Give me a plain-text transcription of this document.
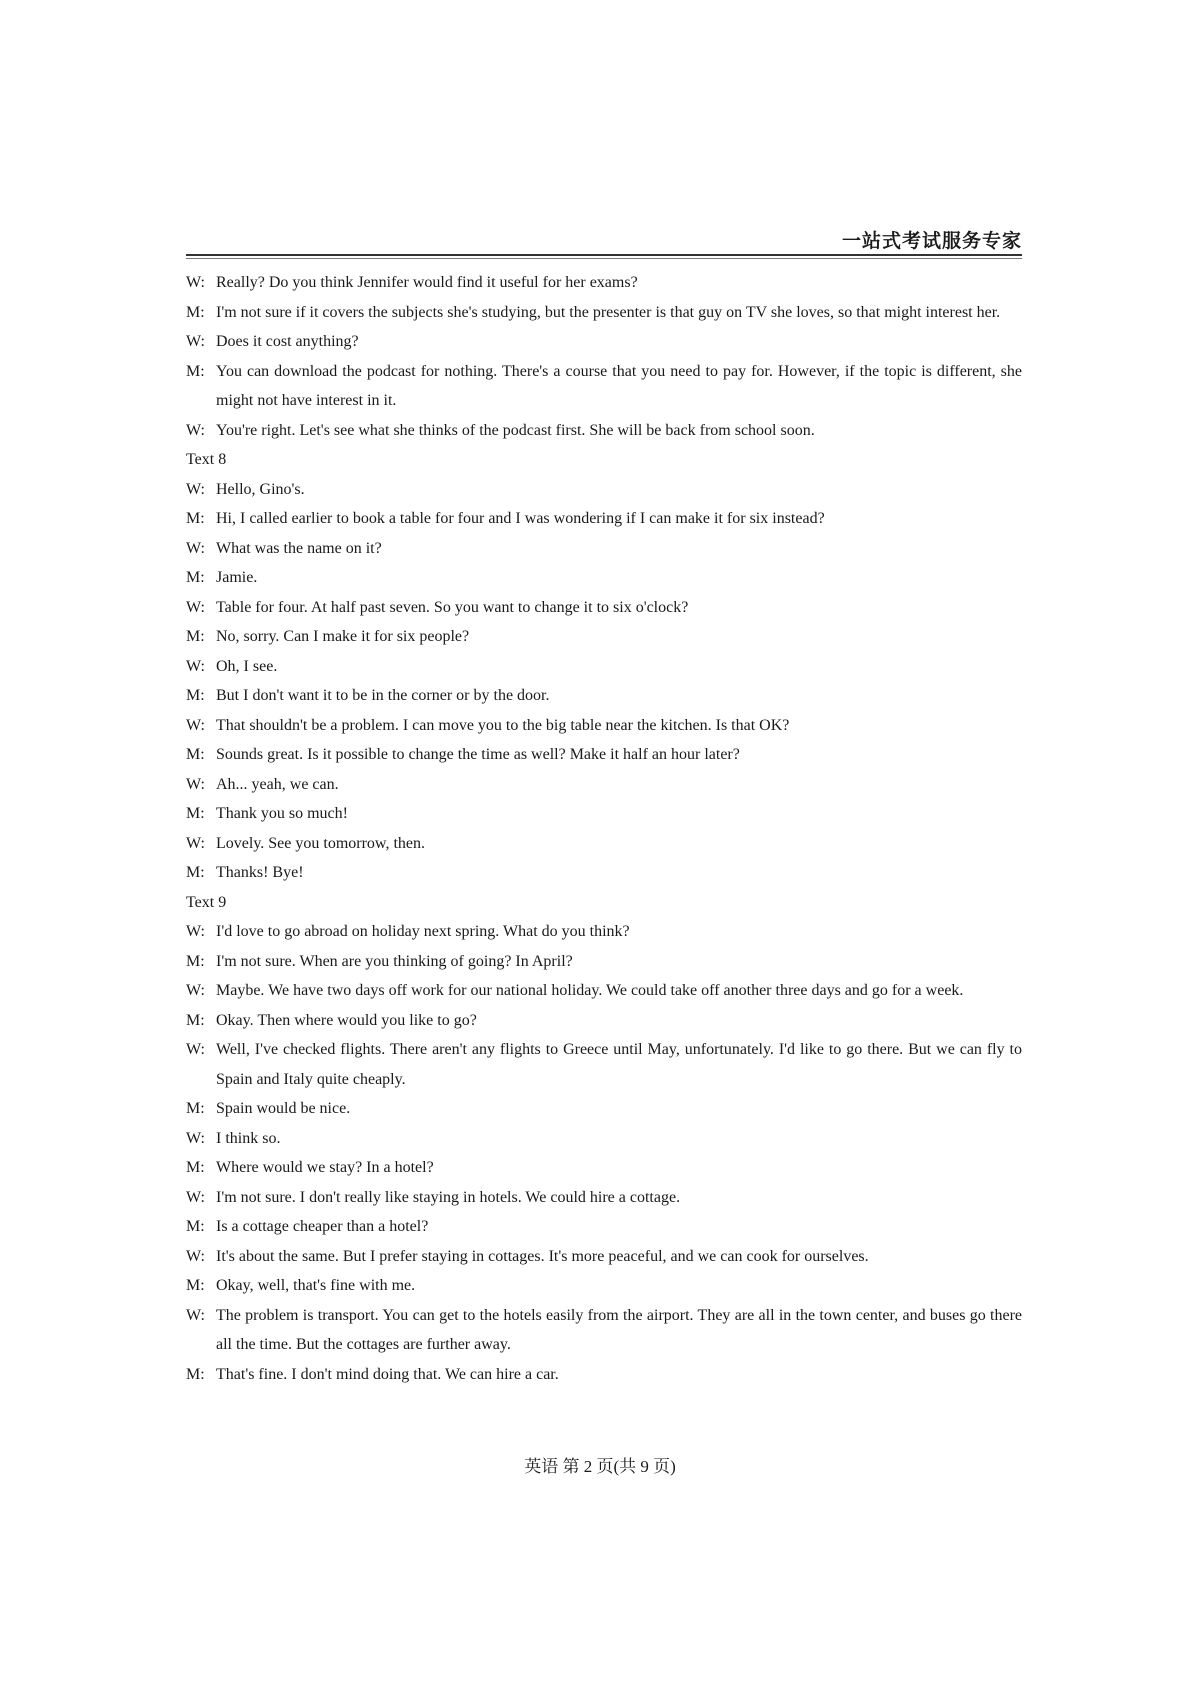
一站式考试服务专家
W: Really? Do you think Jennifer would find it useful for her exams?
M: I'm not sure if it covers the subjects she's studying, but the presenter is that guy on TV she loves, so that might interest her.
W: Does it cost anything?
M: You can download the podcast for nothing. There's a course that you need to pay for. However, if the topic is different, she might not have interest in it.
W: You're right. Let's see what she thinks of the podcast first. She will be back from school soon.
Text 8
W: Hello, Gino's.
M: Hi, I called earlier to book a table for four and I was wondering if I can make it for six instead?
W: What was the name on it?
M: Jamie.
W: Table for four. At half past seven. So you want to change it to six o'clock?
M: No, sorry. Can I make it for six people?
W: Oh, I see.
M: But I don't want it to be in the corner or by the door.
W: That shouldn't be a problem. I can move you to the big table near the kitchen. Is that OK?
M: Sounds great. Is it possible to change the time as well? Make it half an hour later?
W: Ah... yeah, we can.
M: Thank you so much!
W: Lovely. See you tomorrow, then.
M: Thanks! Bye!
Text 9
W: I'd love to go abroad on holiday next spring. What do you think?
M: I'm not sure. When are you thinking of going? In April?
W: Maybe. We have two days off work for our national holiday. We could take off another three days and go for a week.
M: Okay. Then where would you like to go?
W: Well, I've checked flights. There aren't any flights to Greece until May, unfortunately. I'd like to go there. But we can fly to Spain and Italy quite cheaply.
M: Spain would be nice.
W: I think so.
M: Where would we stay? In a hotel?
W: I'm not sure. I don't really like staying in hotels. We could hire a cottage.
M: Is a cottage cheaper than a hotel?
W: It's about the same. But I prefer staying in cottages. It's more peaceful, and we can cook for ourselves.
M: Okay, well, that's fine with me.
W: The problem is transport. You can get to the hotels easily from the airport. They are all in the town center, and buses go there all the time. But the cottages are further away.
M: That's fine. I don't mind doing that. We can hire a car.
英语 第 2 页(共 9 页)
